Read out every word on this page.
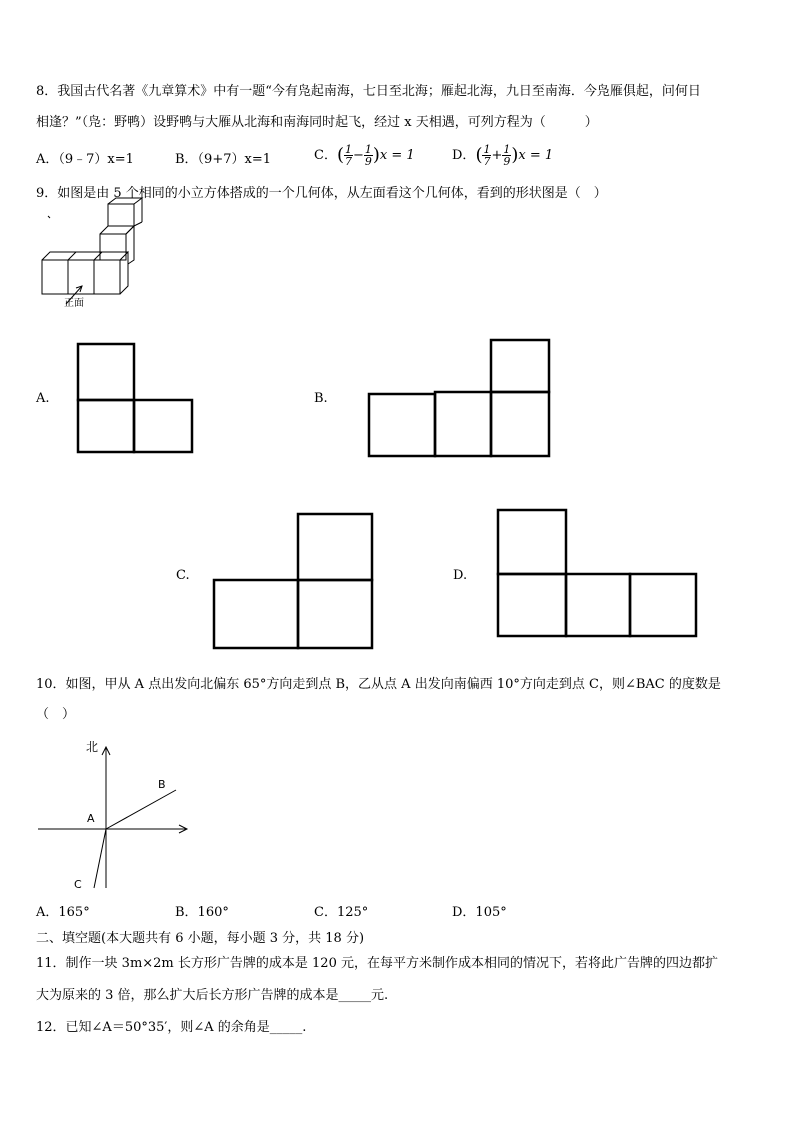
8．我国古代名著《九章算术》中有一题“今有凫起南海，七日至北海；雁起北海，九日至南海．今凫雁俱起，问何日
相逢？”（凫：野鸭）设野鸭与大雁从北海和南海同时起飞，经过 x 天相遇，可列方程为（　　　）
A．（9﹣7）x=1	B．（9+7）x=1	C．( $\frac{1}{7} - \frac{1}{9} )x = 1$	D．( $\frac{1}{7} + \frac{1}{9} )x = 1$
9．如图是由 5 个相同的小立方体搭成的一个几何体，从左面看这个几何体，看到的形状图是（　）
正面
A.	B.
C.	D.
10．如图，甲从 A 点出发向北偏东 65°方向走到点 B，乙从点 A 出发向南偏西 10°方向走到点 C，则∠BAC 的度数是
（　）
北
B
A
C
A．165°	B．160°	C．125°	D．105°
二、填空题(本大题共有 6 小题，每小题 3 分，共 18 分)
11．制作一块 3m×2m 长方形广告牌的成本是 120 元，在每平方米制作成本相同的情况下，若将此广告牌的四边都扩
大为原来的 3 倍，那么扩大后长方形广告牌的成本是_____元.
12．已知∠A＝50°35′，则∠A 的余角是_____.
